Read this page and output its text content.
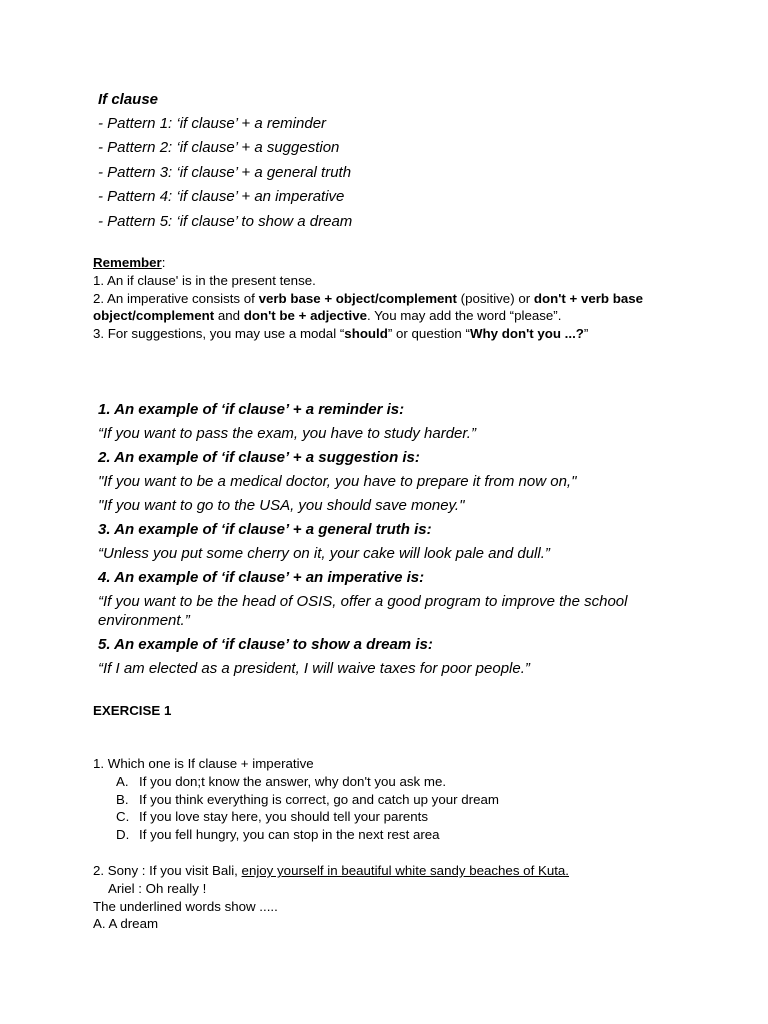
If clause
- Pattern 1: ‘if clause’ + a reminder
- Pattern 2: ‘if clause’ + a suggestion
- Pattern 3: ‘if clause’ + a general truth
- Pattern 4: ‘if clause’ + an imperative
- Pattern 5: ‘if clause’ to show a dream
Remember:
1. An if clause' is in the present tense.
2. An imperative consists of verb base + object/complement (positive) or don't + verb base object/complement and don't be + adjective. You may add the word “please”.
3. For suggestions, you may use a modal “should” or question “Why don't you ...?”
1. An example of ‘if clause’ + a reminder is:
“If you want to pass the exam, you have to study harder.”
2. An example of ‘if clause’ + a suggestion is:
"If you want to be a medical doctor, you have to prepare it from now on,"
"If you want to go to the USA, you should save money."
3. An example of ‘if clause’ + a general truth is:
“Unless you put some cherry on it, your cake will look pale and dull.”
4. An example of ‘if clause’ + an imperative is:
“If you want to be the head of OSIS, offer a good program to improve the school environment.”
5. An example of ‘if clause’ to show a dream is:
“If I am elected as a president, I will waive taxes for poor people.”
EXERCISE 1
1. Which one is If clause + imperative
A. If you don;t know the answer, why don't you ask me.
B. If you think everything is correct, go and catch up your dream
C. If you love stay here, you should tell your parents
D. If you fell hungry, you can stop in the next rest area
2. Sony : If you visit Bali, enjoy yourself in beautiful white sandy beaches of Kuta.
Ariel : Oh really !
The underlined words show .....
A. A dream
